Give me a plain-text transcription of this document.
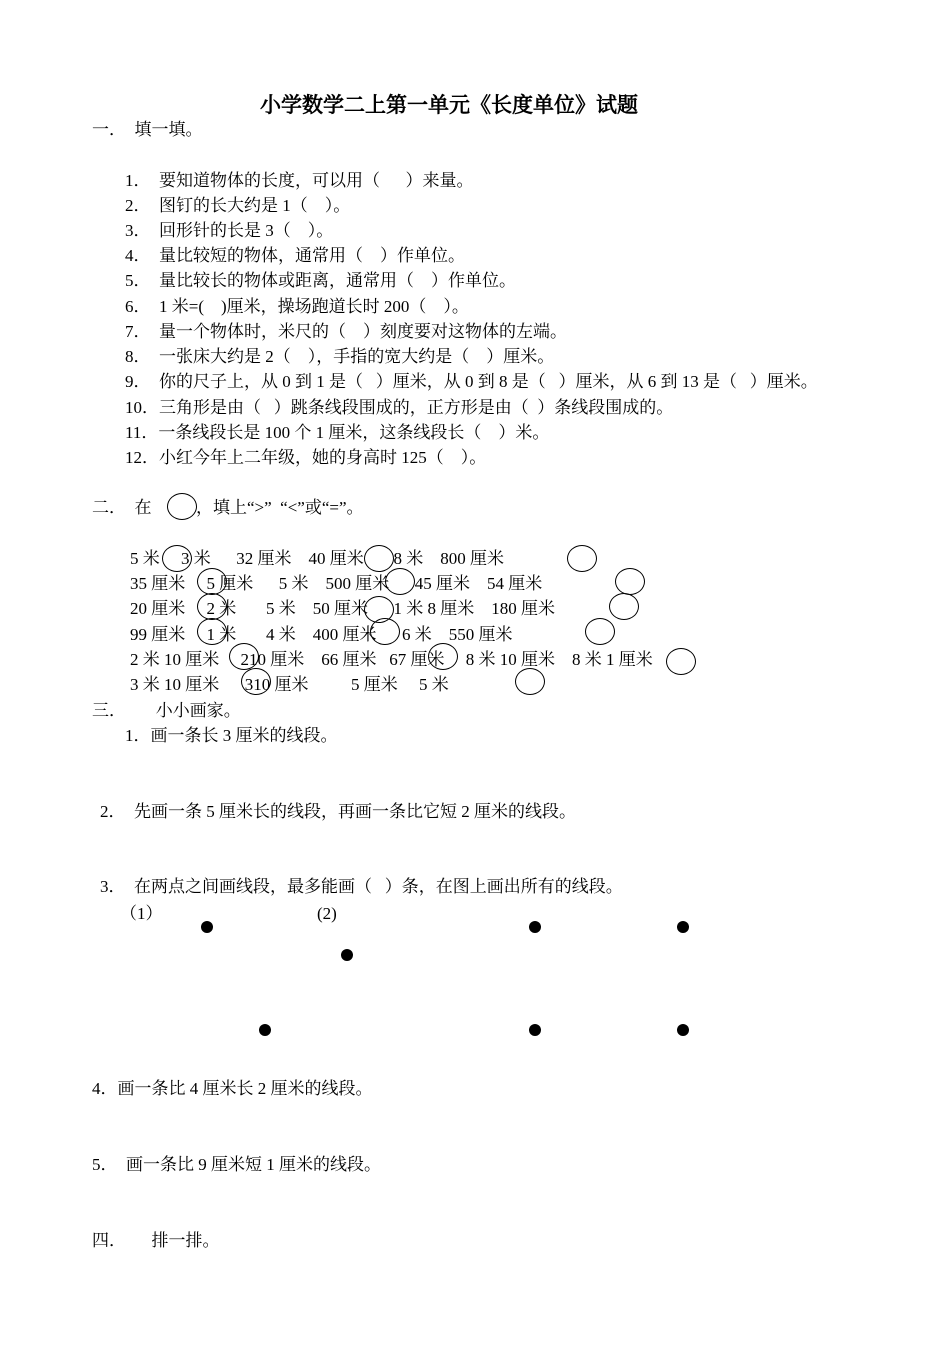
小学数学二上第一单元《长度单位》试题
一．  填一填。
1．  要知道物体的长度，可以用（      ）来量。
2．  图钉的长大约是 1（    ）。
3．  回形针的长是 3（    ）。
4．  量比较短的物体，通常用（    ）作单位。
5．  量比较长的物体或距离，通常用（    ）作单位。
6．  1 米=(    )厘米，操场跑道长时 200（    ）。
7．  量一个物体时，米尺的（    ）刻度要对这物体的左端。
8．  一张床大约是 2（    ），手指的宽大约是（    ）厘米。
9．  你的尺子上，从 0 到 1 是（   ）厘米，从 0 到 8 是（   ）厘米，从 6 到 13 是（   ）厘米。
10．三角形是由（   ）跳条线段围成的，正方形是由（  ）条线段围成的。
11．一条线段长是 100 个 1 厘米，这条线段长（    ）米。
12．小红今年上二年级，她的身高时 125（    ）。
二．  在	，填上“>”  “<”或“=”。
5 米     3 米      32 厘米    40 厘米       8 米    800 厘米
35 厘米     5 厘米      5 米    500 厘米      45 厘米    54 厘米
20 厘米     2 米       5 米    50 厘米      1 米 8 厘米    180 厘米
99 厘米     1 米       4 米    400 厘米      6 米    550 厘米
2 米 10 厘米     210 厘米    66 厘米   67 厘米     8 米 10 厘米    8 米 1 厘米
3 米 10 厘米      310 厘米          5 厘米     5 米
三．       小小画家。
1．画一条长 3 厘米的线段。
2．  先画一条 5 厘米长的线段，再画一条比它短 2 厘米的线段。
3．  在两点之间画线段，最多能画（   ）条，在图上画出所有的线段。
（1）	(2)
4．画一条比 4 厘米长 2 厘米的线段。
5．  画一条比 9 厘米短 1 厘米的线段。
四．      排一排。
